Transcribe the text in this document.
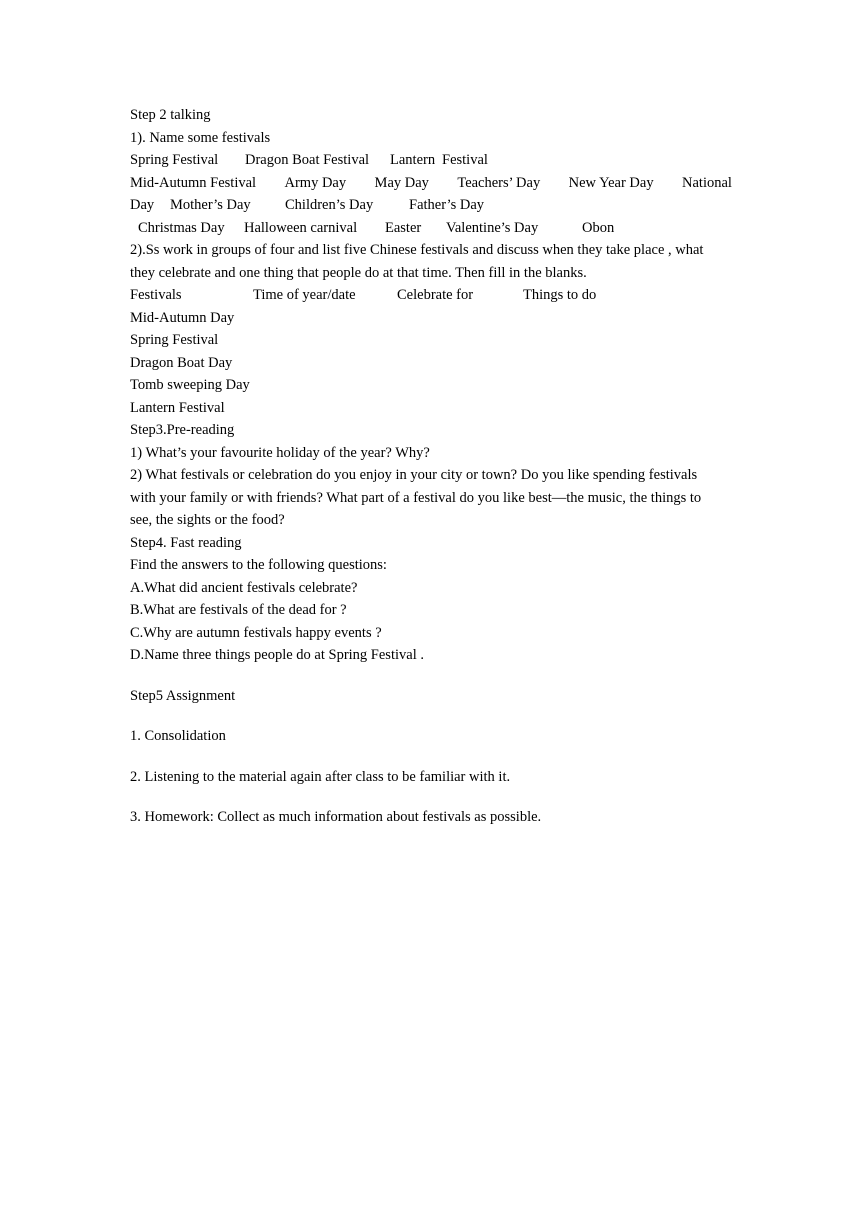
Step 2 talking
1). Name some festivals
Spring Festival	Dragon Boat Festival	Lantern Festival
Mid-Autumn Festival Army Day May Day Teachers’ Day New Year Day National
Day	Mother’s Day	Children’s Day	Father’s Day
Christmas Day	Halloween carnival	Easter	Valentine’s Day	Obon
2).Ss work in groups of four and list five Chinese festivals and discuss when they take place , what
they celebrate and one thing that people do at that time. Then fill in the blanks.
Festivals	Time of year/date	Celebrate for	Things to do
Mid-Autumn Day
Spring Festival
Dragon Boat Day
Tomb sweeping Day
Lantern Festival
Step3.Pre-reading
1) What’s your favourite holiday of the year? Why?
2) What festivals or celebration do you enjoy in your city or town? Do you like spending festivals
with your family or with friends? What part of a festival do you like best—the music, the things to
see, the sights or the food?
Step4. Fast reading
Find the answers to the following questions:
A.What did ancient festivals celebrate?
B.What are festivals of the dead for ?
C.Why are autumn festivals happy events ?
D.Name three things people do at Spring Festival .
Step5 Assignment
1. Consolidation
2. Listening to the material again after class to be familiar with it.
3. Homework: Collect as much information about festivals as possible.
